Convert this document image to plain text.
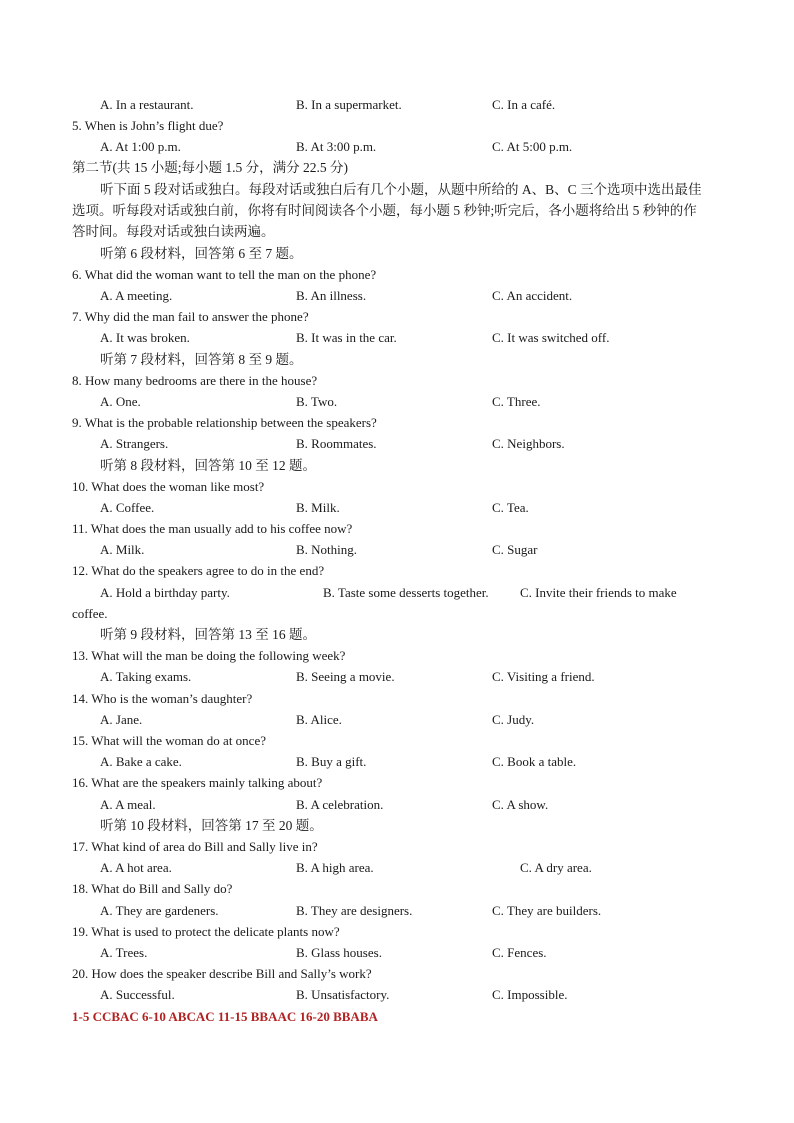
A. In a restaurant.	B. In a supermarket.	C. In a café.
5. When is John’s flight due?
A. At 1:00 p.m.	B. At 3:00 p.m.	C. At 5:00 p.m.
第二节(共 15 小题;每小题 1.5 分，满分 22.5 分)
听下面 5 段对话或独白。每段对话或独白后有几个小题，从题中所给的 A、B、C 三个选项中选出最佳
选项。听每段对话或独白前，你将有时间阅读各个小题，每小题 5 秒钟;听完后，各小题将给出 5 秒钟的作
答时间。每段对话或独白读两遍。
听第 6 段材料，回答第 6 至 7 题。
6. What did the woman want to tell the man on the phone?
A. A meeting.	B. An illness.	C. An accident.
7. Why did the man fail to answer the phone?
A. It was broken.	B. It was in the car.	C. It was switched off.
听第 7 段材料，回答第 8 至 9 题。
8. How many bedrooms are there in the house?
A. One.	B. Two.	C. Three.
9. What is the probable relationship between the speakers?
A. Strangers.	B. Roommates.	C. Neighbors.
听第 8 段材料，回答第 10 至 12 题。
10. What does the woman like most?
A. Coffee.	B. Milk.	C. Tea.
11. What does the man usually add to his coffee now?
A. Milk.	B. Nothing.	C. Sugar
12. What do the speakers agree to do in the end?
A. Hold a birthday party.	B. Taste some desserts together. C. Invite their friends to make
coffee.
听第 9 段材料，回答第 13 至 16 题。
13. What will the man be doing the following week?
A. Taking exams.	B. Seeing a movie.	C. Visiting a friend.
14. Who is the woman’s daughter?
A. Jane.	B. Alice.	C. Judy.
15. What will the woman do at once?
A. Bake a cake.	B. Buy a gift.	C. Book a table.
16. What are the speakers mainly talking about?
A. A meal.	B. A celebration.	C. A show.
听第 10 段材料，回答第 17 至 20 题。
17. What kind of area do Bill and Sally live in?
A. A hot area.	B. A high area.	C. A dry area.
18. What do Bill and Sally do?
A. They are gardeners.	B. They are designers.	C. They are builders.
19. What is used to protect the delicate plants now?
A. Trees.	B. Glass houses.	C. Fences.
20. How does the speaker describe Bill and Sally’s work?
A. Successful.	B. Unsatisfactory.	C. Impossible.
1-5 CCBAC 6-10 ABCAC 11-15 BBAAC 16-20 BBABA
